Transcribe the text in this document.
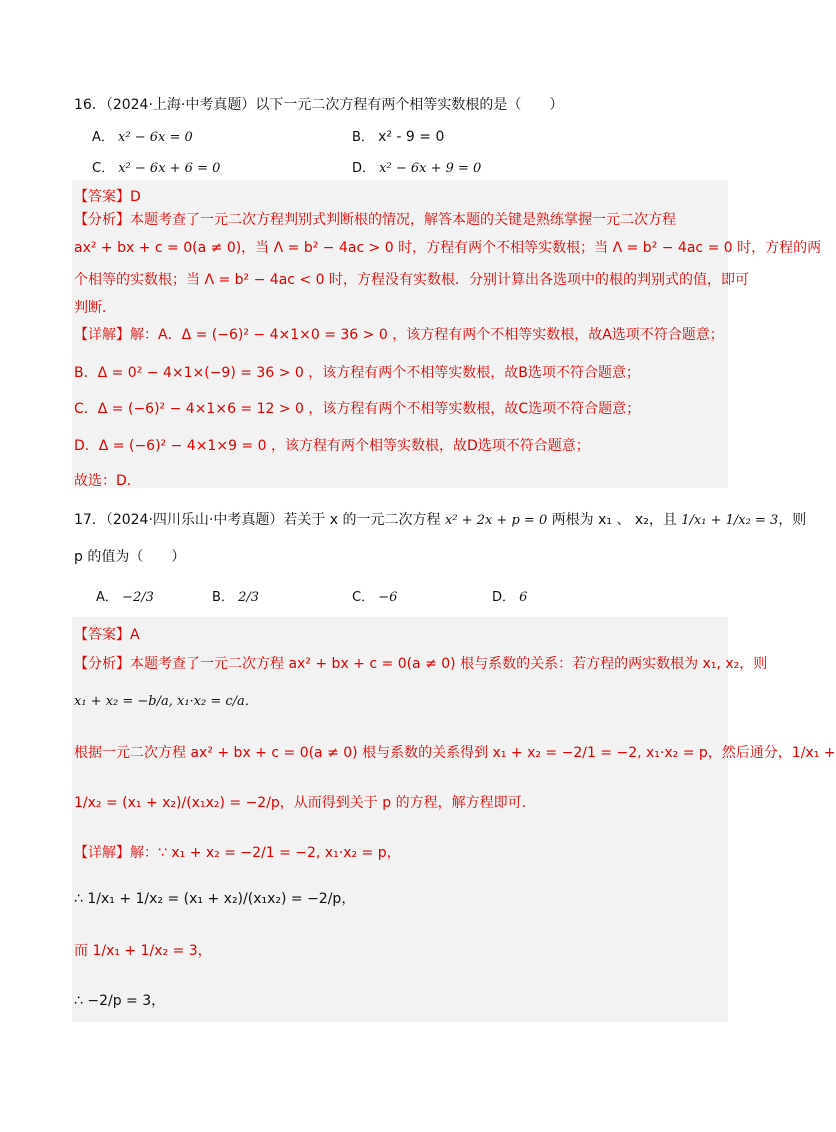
16．（2024·上海·中考真题）以下一元二次方程有两个相等实数根的是（　　）
A． x² − 6x = 0	B． x² - 9 = 0
C． x² − 6x + 6 = 0	D． x² − 6x + 9 = 0
【答案】D
【分析】本题考查了一元二次方程判别式判断根的情况，解答本题的关键是熟练掌握一元二次方程
ax² + bx + c = 0(a ≠ 0)，当 Λ = b² − 4ac > 0 时，方程有两个不相等实数根；当 Λ = b² − 4ac = 0 时，方程的两
个相等的实数根；当 Λ = b² − 4ac < 0 时，方程没有实数根．分别计算出各选项中的根的判别式的值，即可
判断．
【详解】解：A．Δ = (−6)² − 4×1×0 = 36 > 0 ，该方程有两个不相等实数根，故A选项不符合题意；
B．Δ = 0² − 4×1×(−9) = 36 > 0 ，该方程有两个不相等实数根，故B选项不符合题意；
C．Δ = (−6)² − 4×1×6 = 12 > 0 ，该方程有两个不相等实数根，故C选项不符合题意；
D．Δ = (−6)² − 4×1×9 = 0 ，该方程有两个相等实数根，故D选项不符合题意；
故选：D．
17．（2024·四川乐山·中考真题）若关于 x 的一元二次方程 x² + 2x + p = 0 两根为 x₁ 、 x₂，且 1/x₁ + 1/x₂ = 3，则
p 的值为（　　）
A． −2/3	B． 2/3	C． −6	D． 6
【答案】A
【分析】本题考查了一元二次方程 ax² + bx + c = 0(a ≠ 0) 根与系数的关系：若方程的两实数根为 x₁, x₂，则
x₁ + x₂ = −b/a, x₁·x₂ = c/a．
根据一元二次方程 ax² + bx + c = 0(a ≠ 0) 根与系数的关系得到 x₁ + x₂ = −2/1 = −2, x₁·x₂ = p，然后通分，1/x₁ +
1/x₂ = (x₁ + x₂)/(x₁x₂) = −2/p，从而得到关于 p 的方程，解方程即可．
【详解】解：∵ x₁ + x₂ = −2/1 = −2, x₁·x₂ = p，
∴ 1/x₁ + 1/x₂ = (x₁ + x₂)/(x₁x₂) = −2/p，
而 1/x₁ + 1/x₂ = 3，
∴ −2/p = 3，
